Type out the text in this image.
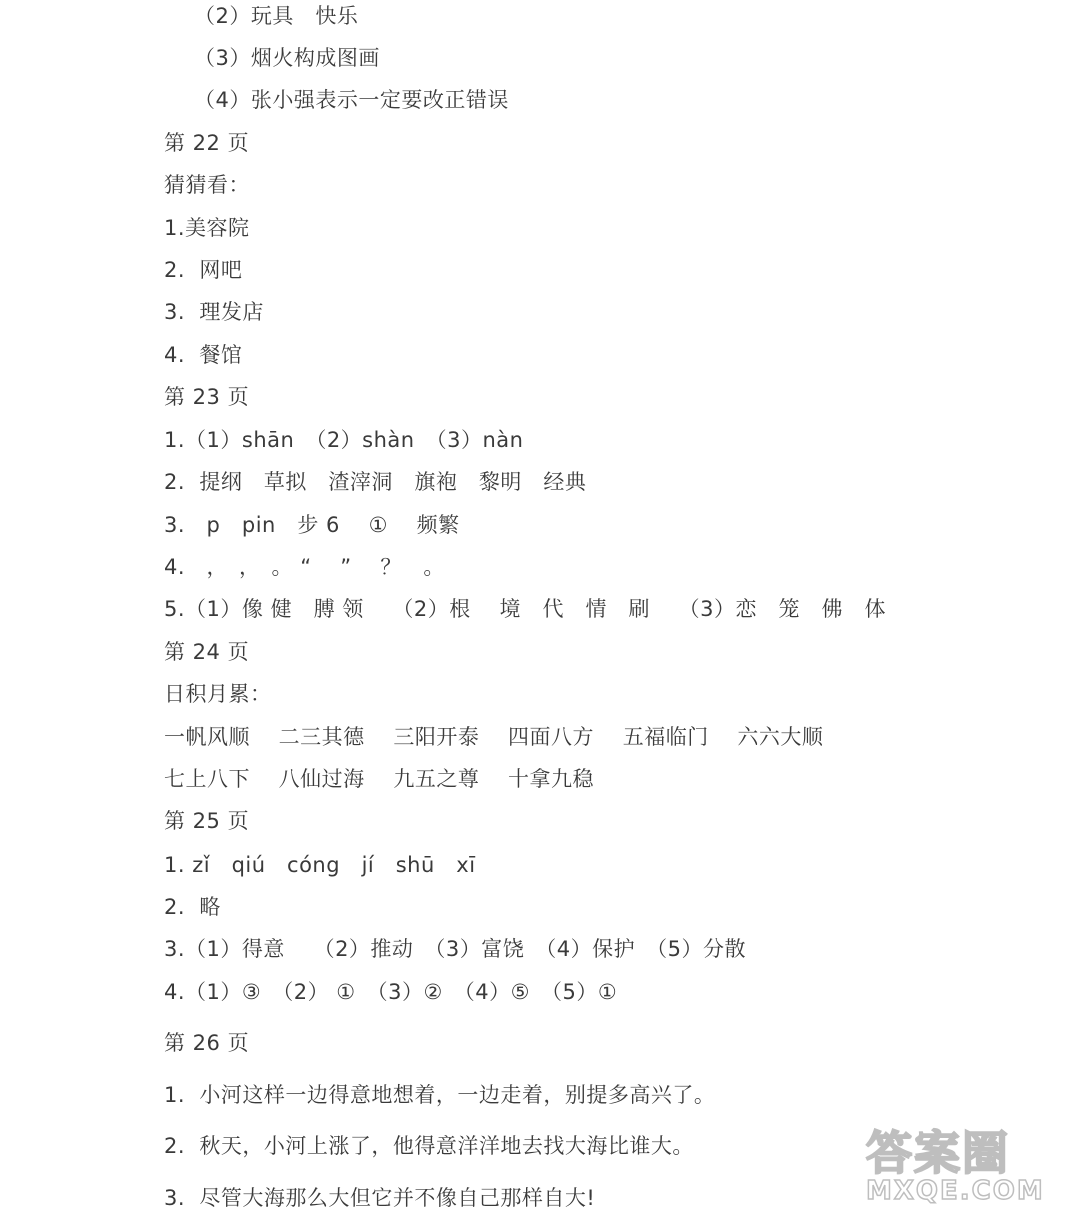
（2）玩具　快乐
（3）烟火构成图画
（4）张小强表示一定要改正错误
第 22 页
猜猜看：
1.美容院
2.  网吧
3.  理发店
4.  餐馆
第 23 页
1.（1）shān　（2）shàn　（3）nàn
2.  提纲　草拟　渣滓洞　旗袍　黎明　经典
3.   p　pin　步 6　 ①　 频繁
4.   ，　，　。 “　 ”　 ？　。
5.（1）像 健　膊 领　 （2）根　 境　代　情　刷　 （3）恋　笼　佛　体
第 24 页
日积月累：
一帆风顺　 二三其德　 三阳开泰　 四面八方　 五福临门　 六六大顺
七上八下　 八仙过海　 九五之尊　 十拿九稳
第 25 页
1. zǐ　qiú　cóng　jí　shū　xī
2.  略
3.（1）得意　 （2）推动　（3）富饶　（4）保护　（5）分散
4.（1）③　（2） ①　（3）②　（4）⑤　（5）①
第 26 页
1.  小河这样一边得意地想着，一边走着，别提多高兴了。
2.  秋天，小河上涨了，他得意洋洋地去找大海比谁大。
3.  尽管大海那么大但它并不像自己那样自大!
答案圈
MXQE.COM
